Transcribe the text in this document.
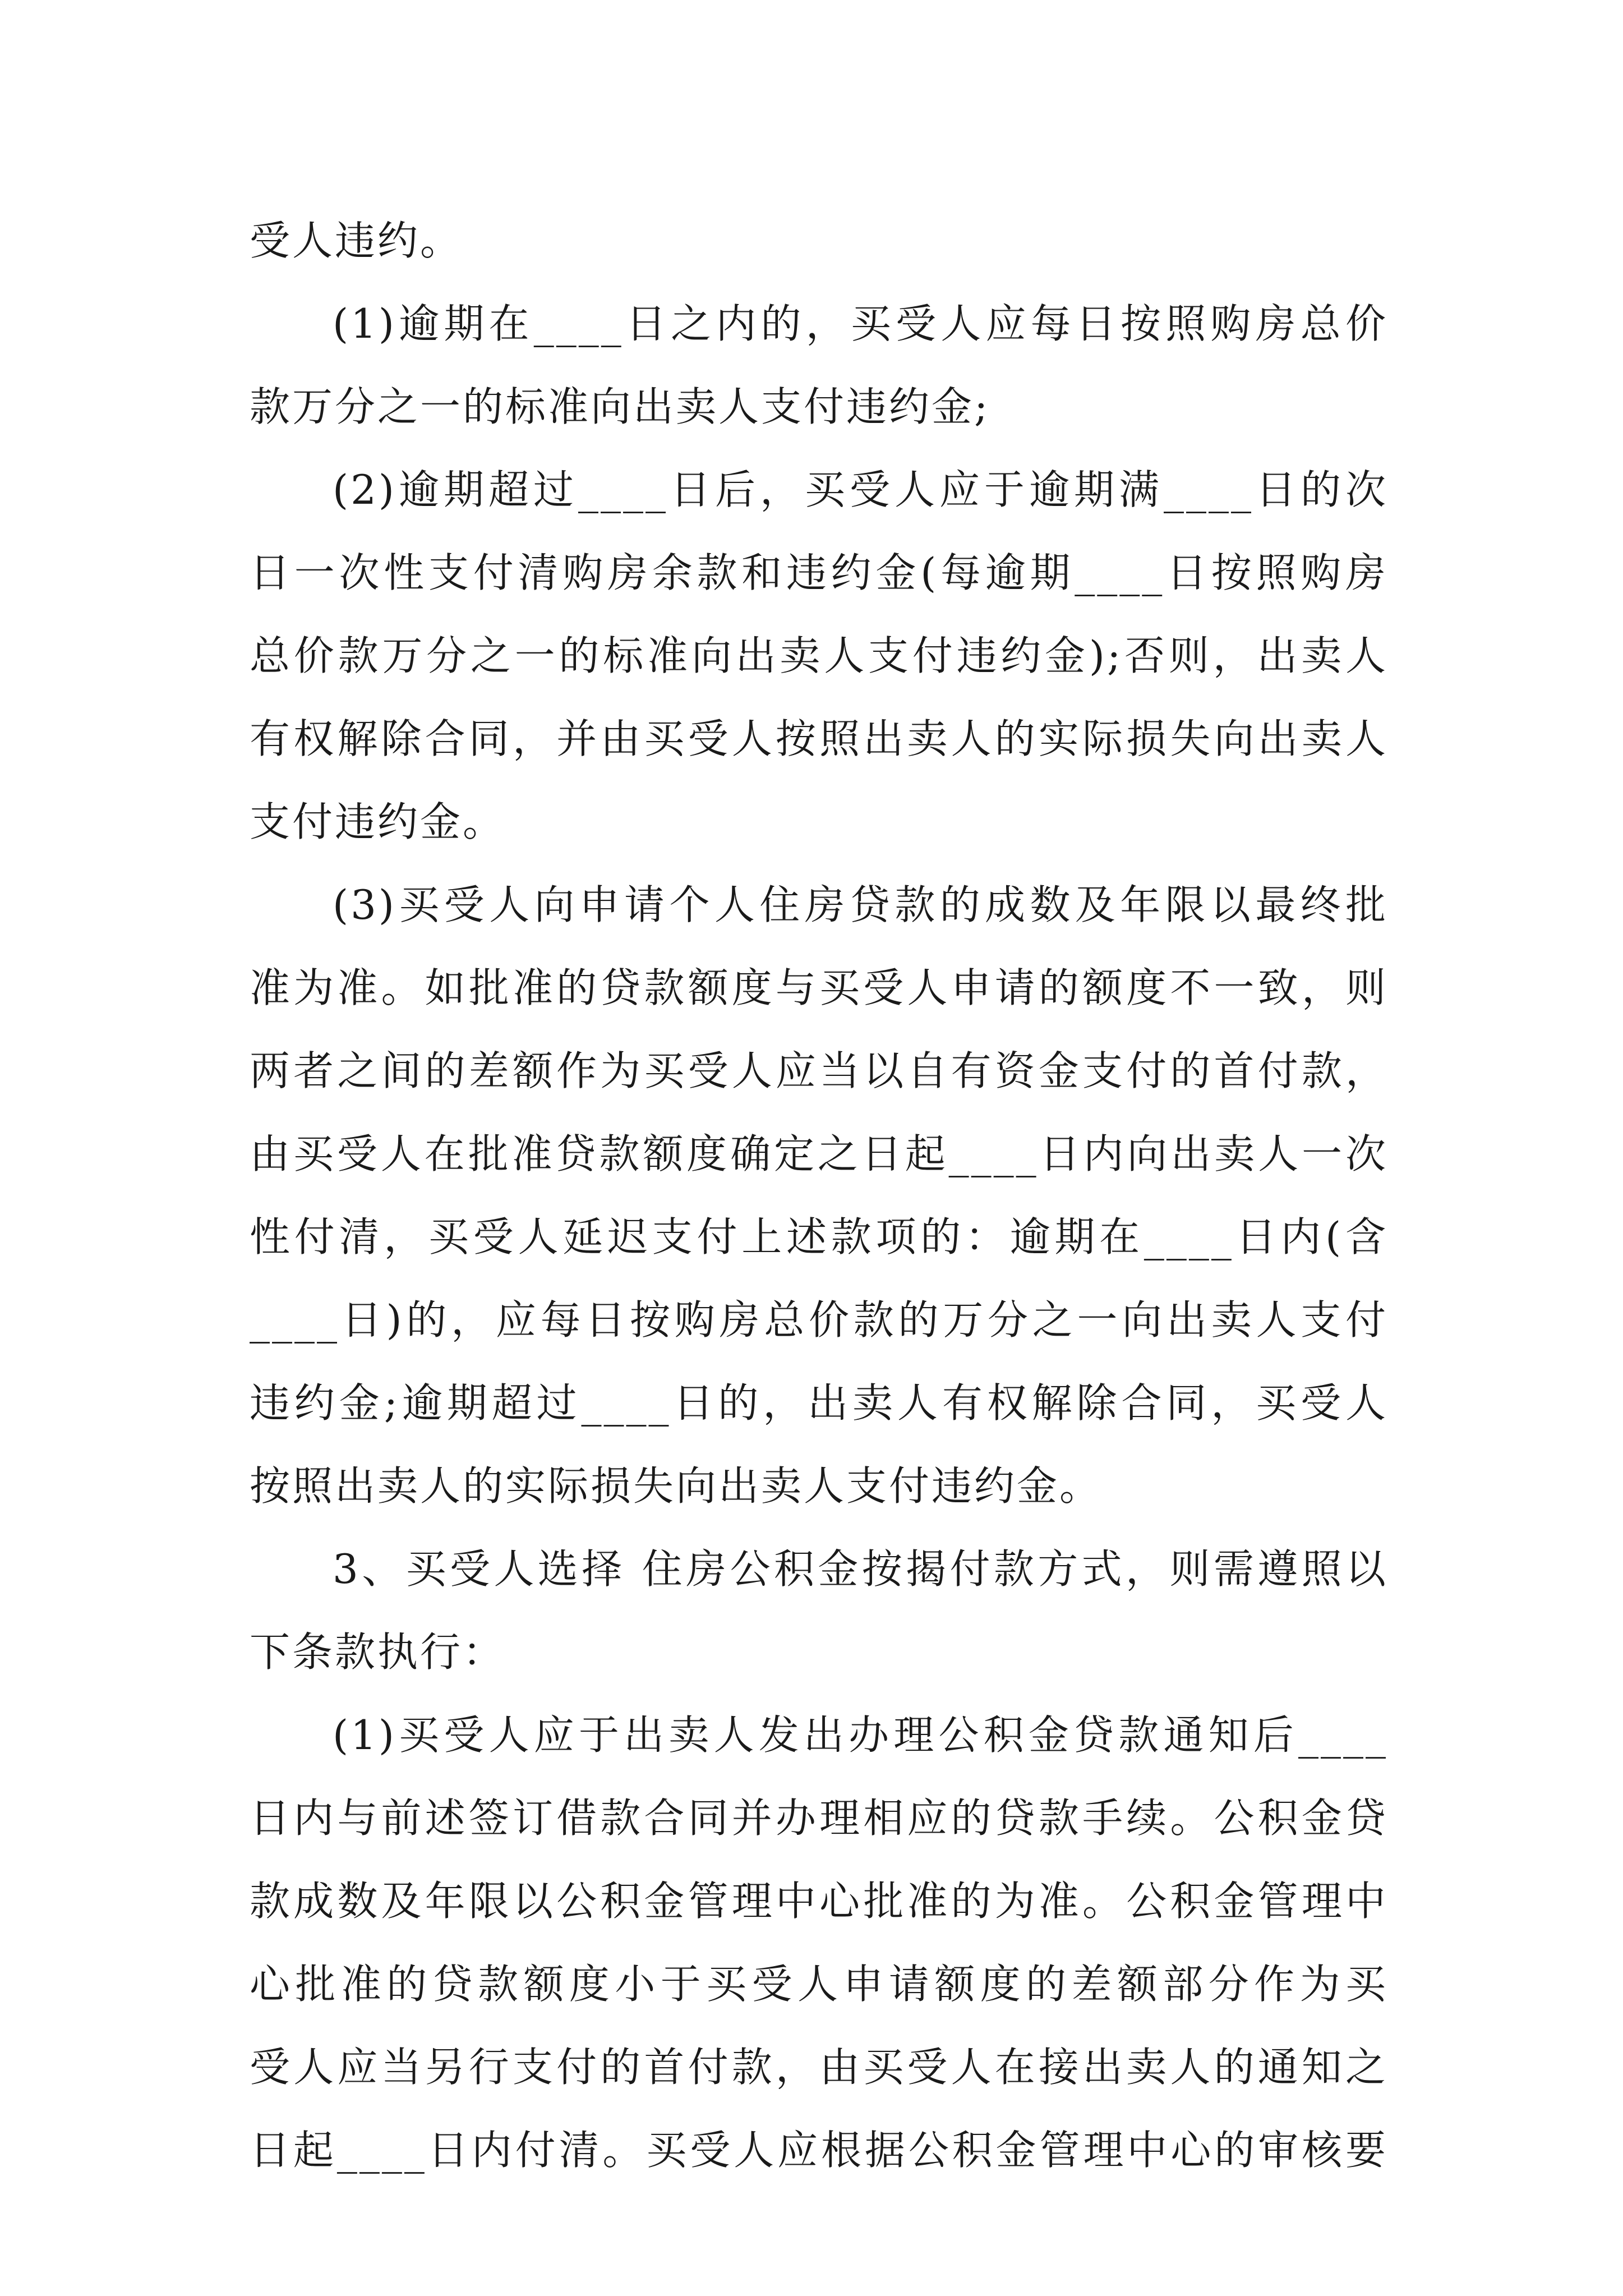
受人违约。
(1)逾期在____日之内的，买受人应每日按照购房总价
款万分之一的标准向出卖人支付违约金;
(2)逾期超过____日后，买受人应于逾期满____日的次
日一次性支付清购房余款和违约金(每逾期____日按照购房
总价款万分之一的标准向出卖人支付违约金);否则，出卖人
有权解除合同，并由买受人按照出卖人的实际损失向出卖人
支付违约金。
(3)买受人向申请个人住房贷款的成数及年限以最终批
准为准。如批准的贷款额度与买受人申请的额度不一致，则
两者之间的差额作为买受人应当以自有资金支付的首付款，
由买受人在批准贷款额度确定之日起____日内向出卖人一次
性付清，买受人延迟支付上述款项的：逾期在____日内(含
____日)的，应每日按购房总价款的万分之一向出卖人支付
违约金;逾期超过____日的，出卖人有权解除合同，买受人
按照出卖人的实际损失向出卖人支付违约金。
3、买受人选择 住房公积金按揭付款方式，则需遵照以
下条款执行：
(1)买受人应于出卖人发出办理公积金贷款通知后____
日内与前述签订借款合同并办理相应的贷款手续。公积金贷
款成数及年限以公积金管理中心批准的为准。公积金管理中
心批准的贷款额度小于买受人申请额度的差额部分作为买
受人应当另行支付的首付款，由买受人在接出卖人的通知之
日起____日内付清。买受人应根据公积金管理中心的审核要
